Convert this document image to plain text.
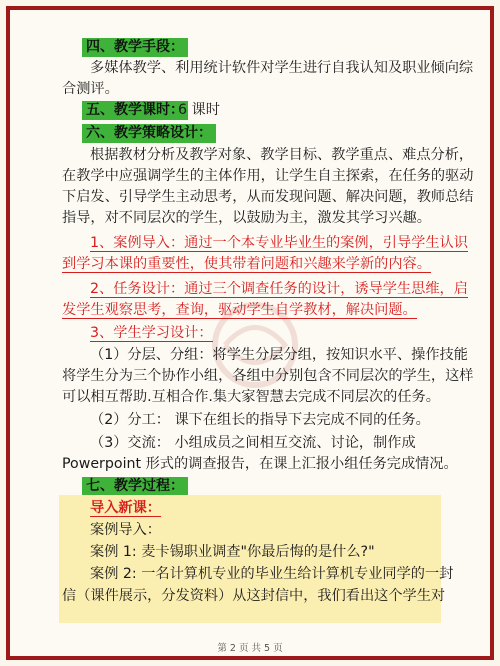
四、教学手段：
多媒体教学、利用统计软件对学生进行自我认知及职业倾向综
合测评。
五、教学课时：
6 课时
六、教学策略设计：
根据教材分析及教学对象、教学目标、教学重点、难点分析，
在教学中应强调学生的主体作用，让学生自主探索，在任务的驱动
下启发、引导学生主动思考，从而发现问题、解决问题，教师总结
指导，对不同层次的学生，以鼓励为主，激发其学习兴趣。
1、案例导入：通过一个本专业毕业生的案例，引导学生认识
到学习本课的重要性，使其带着问题和兴趣来学新的内容。
2、任务设计：通过三个调查任务的设计，诱导学生思维，启
发学生观察思考，查询，驱动学生自学教材，解决问题。
3、学生学习设计：
（1）分层、分组：将学生分层分组，按知识水平、操作技能
将学生分为三个协作小组，各组中分别包含不同层次的学生，这样
可以相互帮助.互相合作.集大家智慧去完成不同层次的任务。
（2）分工： 课下在组长的指导下去完成不同的任务。
（3）交流： 小组成员之间相互交流、讨论，制作成
Powerpoint 形式的调查报告，在课上汇报小组任务完成情况。
七、教学过程：
导入新课：
案例导入：
案例 1: 麦卡锡职业调查"你最后悔的是什么?"
案例 2: 一名计算机专业的毕业生给计算机专业同学的一封
信（课件展示，分发资料）从这封信中，我们看出这个学生对
第 2 页 共 5 页
